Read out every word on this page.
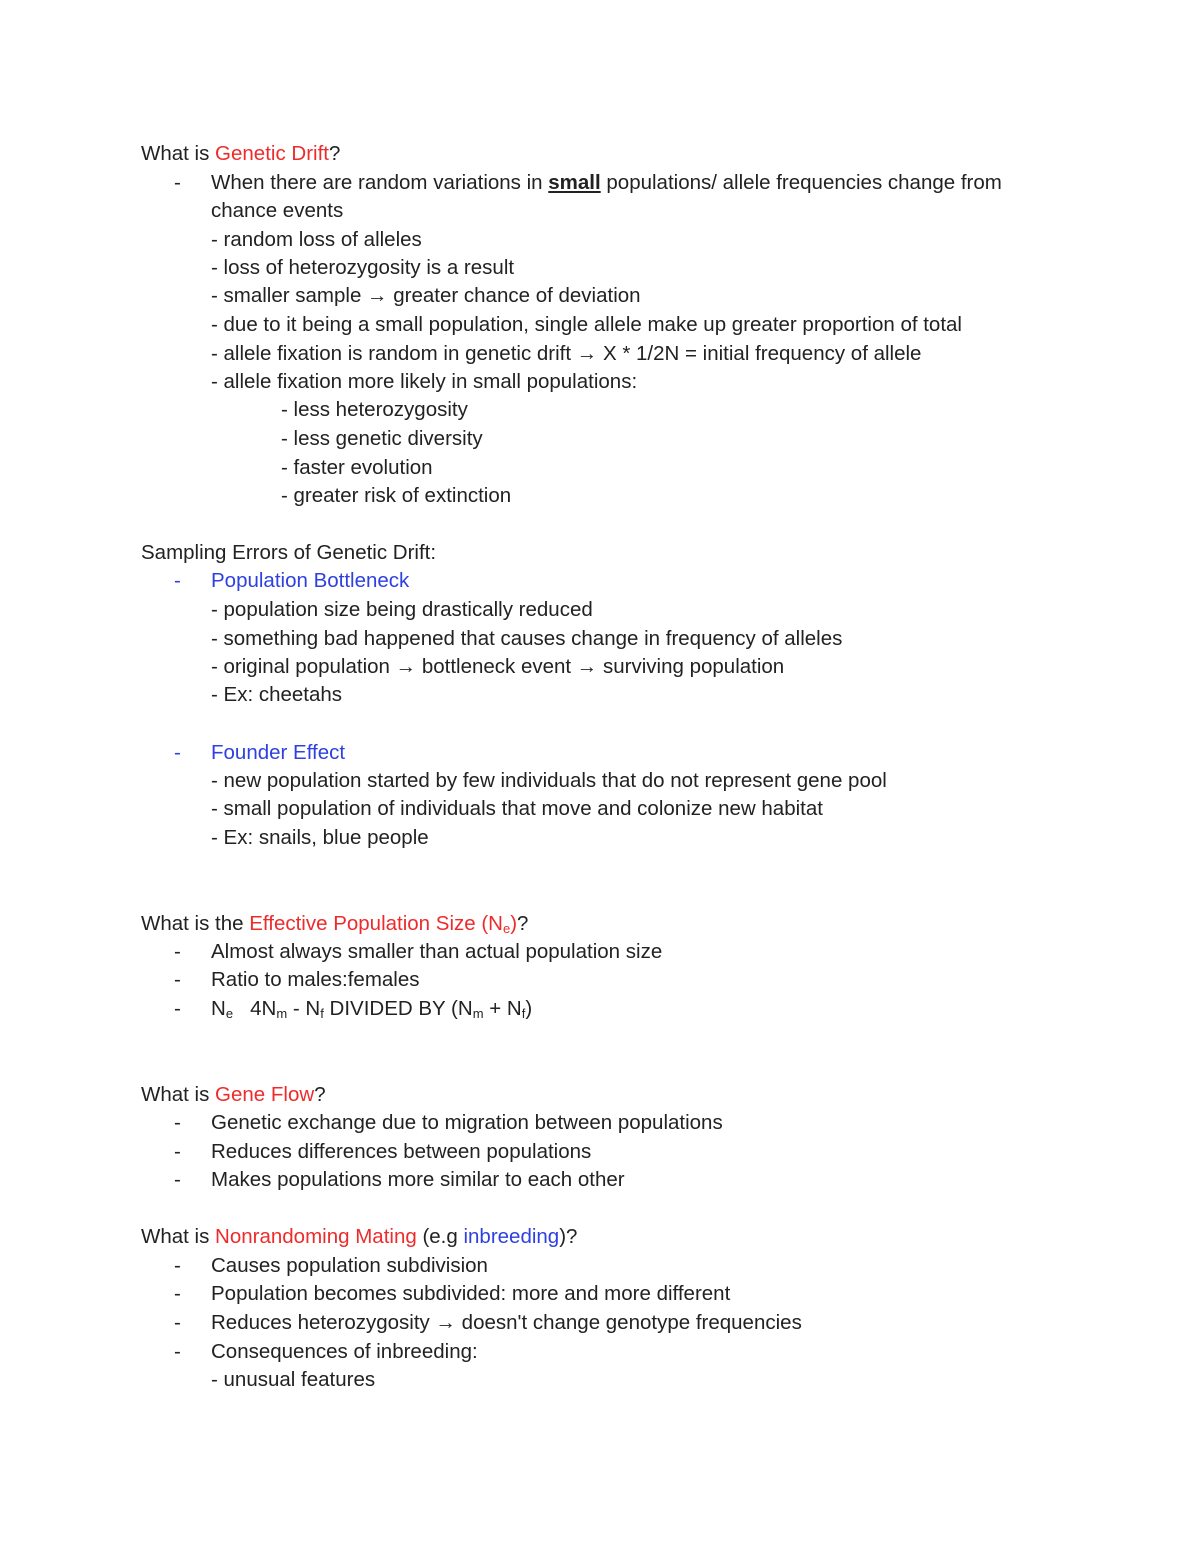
What is Genetic Drift?
- When there are random variations in small populations/ allele frequencies change from
chance events
- random loss of alleles
- loss of heterozygosity is a result
- smaller sample → greater chance of deviation
- due to it being a small population, single allele make up greater proportion of total
- allele fixation is random in genetic drift → X * 1/2N = initial frequency of allele
- allele fixation more likely in small populations:
- less heterozygosity
- less genetic diversity
- faster evolution
- greater risk of extinction
Sampling Errors of Genetic Drift:
- Population Bottleneck
- population size being drastically reduced
- something bad happened that causes change in frequency of alleles
- original population → bottleneck event → surviving population
- Ex: cheetahs
- Founder Effect
- new population started by few individuals that do not represent gene pool
- small population of individuals that move and colonize new habitat
- Ex: snails, blue people
What is the Effective Population Size $(N_e)$?
- Almost always smaller than actual population size
- Ratio to males:females
- $N_e$   $4N_m - N_f$ DIVIDED BY $(N_m + N_f)$
What is Gene Flow?
- Genetic exchange due to migration between populations
- Reduces differences between populations
- Makes populations more similar to each other
What is Nonrandoming Mating (e.g inbreeding)?
- Causes population subdivision
- Population becomes subdivided: more and more different
- Reduces heterozygosity → doesn't change genotype frequencies
- Consequences of inbreeding:
- unusual features
